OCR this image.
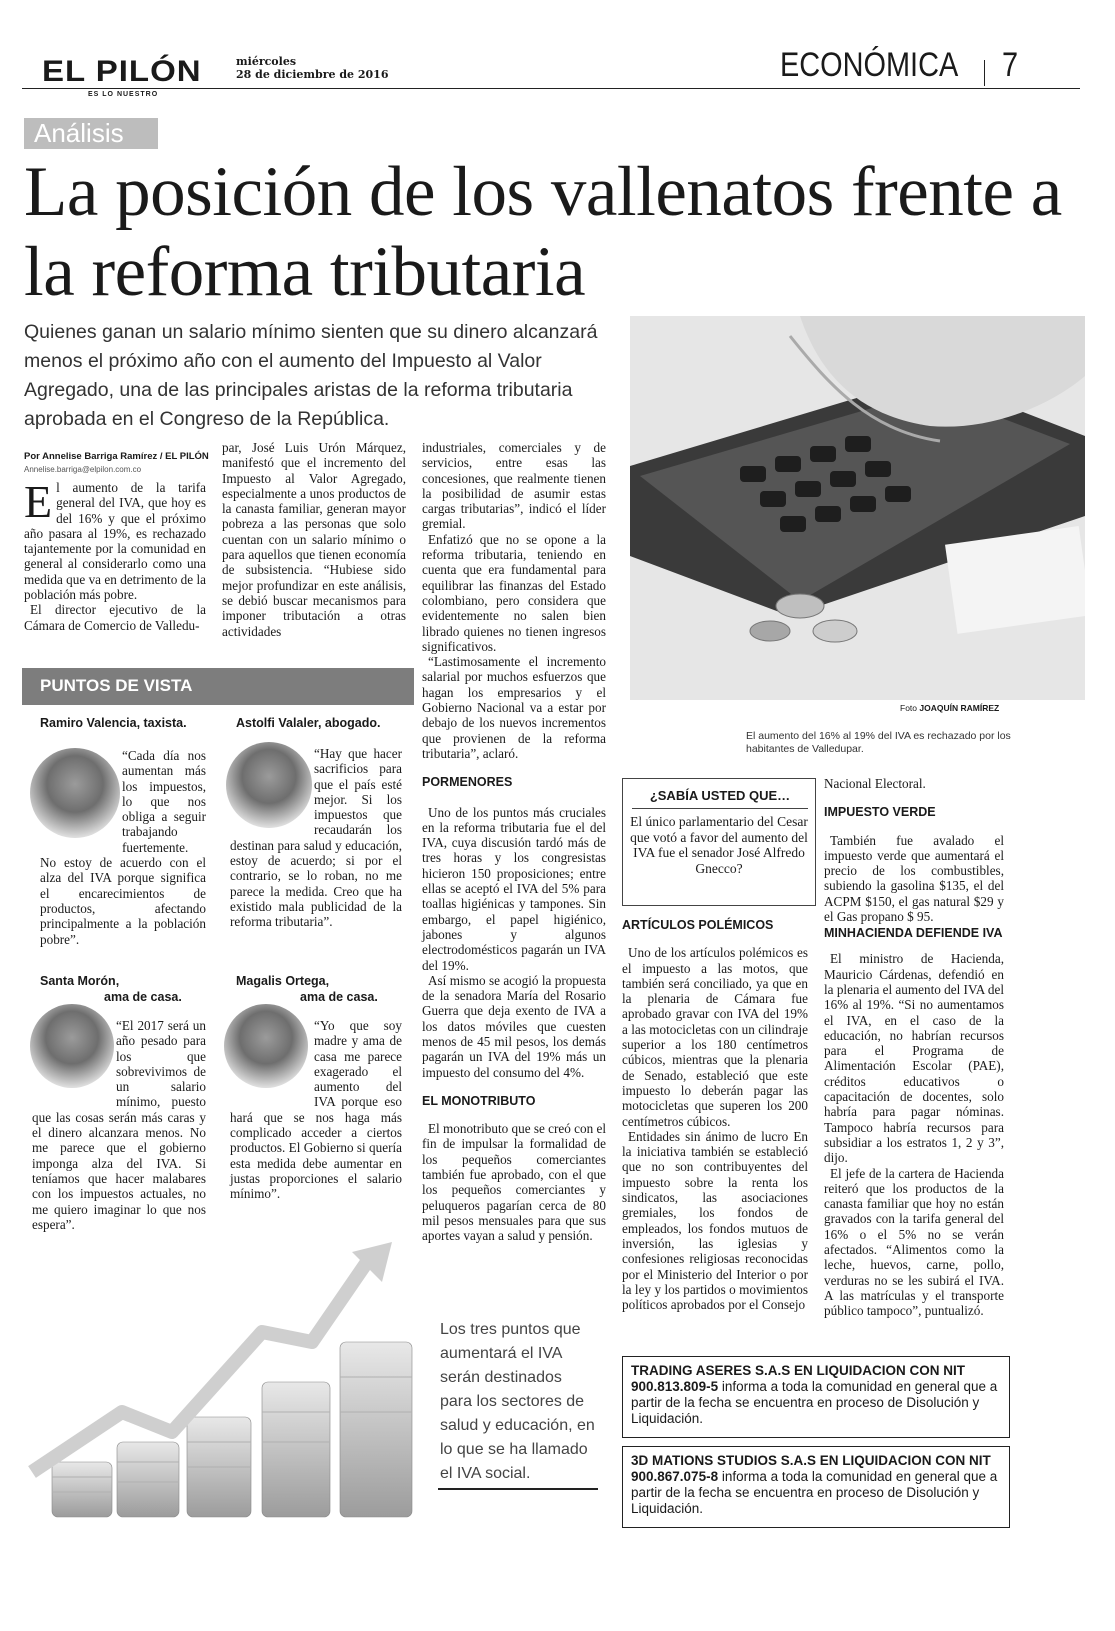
EL PILÓN
ES LO NUESTRO
miércoles
28 de diciembre de 2016	ECONÓMICA 7
Análisis
La posición de los vallenatos frente a la reforma tributaria
Quienes ganan un salario mínimo sienten que su dinero alcanzará menos el próximo año con el aumento del Impuesto al Valor Agregado, una de las principales aristas de la reforma tributaria aprobada en el Congreso de la República.
Por Annelise Barriga Ramírez / EL PILÓN
Annelise.barriga@elpilon.com.co
Foto JOAQUÍN RAMÍREZ
El aumento del 16% al 19% del IVA es rechazado por los habitantes de Valledupar.

El aumento de la tarifa general del IVA, que hoy es del 16% y que el próximo año pasara al 19%, es rechazado tajantemente por la comunidad en general al considerarlo como una medida que va en detrimento de la población más pobre.

El director ejecutivo de la Cámara de Comercio de Valledu-

par, José Luis Urón Márquez, manifestó que el incremento del Impuesto al Valor Agregado, especialmente a unos productos de la canasta familiar, generan mayor pobreza a las personas que solo cuentan con un salario mínimo o para aquellos que tienen economía de subsistencia. “Hubiese sido mejor profundizar en este análisis, se debió buscar mecanismos para imponer tributación a otras actividades

industriales, comerciales y de servicios, entre esas las concesiones, que realmente tienen la posibilidad de asumir estas cargas tributarias”, indicó el líder gremial.

Enfatizó que no se opone a la reforma tributaria, teniendo en cuenta que era fundamental para equilibrar las finanzas del Estado colombiano, pero considera que evidentemente no salen bien librado quienes no tienen ingresos significativos.

“Lastimosamente el incremento salarial por muchos esfuerzos que hagan los empresarios y el Gobierno Nacional va a estar por debajo de los nuevos incrementos que provienen de la reforma tributaria”, aclaró.

PORMENORES

Uno de los puntos más cruciales en la reforma tributaria fue el del IVA, cuya discusión tardó más de tres horas y los congresistas hicieron 150 proposiciones; entre ellas se aceptó el IVA del 5% para toallas higiénicas y tampones. Sin embargo, el papel higiénico, jabones y algunos electrodomésticos pagarán un IVA del 19%.

Así mismo se acogió la propuesta de la senadora María del Rosario Guerra que deja exento de IVA a los datos móviles que cuesten menos de 45 mil pesos, los demás pagarán un IVA del 19% más un impuesto del consumo del 4%.

EL MONOTRIBUTO

El monotributo que se creó con el fin de impulsar la formalidad de los pequeños comerciantes también fue aprobado, con el que los pequeños comerciantes y peluqueros pagarían cerca de 80 mil pesos mensuales para que sus aportes vayan a salud y pensión.

PUNTOS DE VISTA
Ramiro Valencia, taxista.
“Cada día nos aumentan más los impuestos, lo que nos obliga a seguir trabajando fuertemente. No estoy de acuerdo con el alza del IVA porque significa el encarecimientos de productos, afectando principalmente a la población pobre”.
Astolfi Valaler, abogado.
“Hay que hacer sacrificios para que el país esté mejor. Si los impuestos que recaudarán los destinan para salud y educación, estoy de acuerdo; si por el contrario, se lo roban, no me parece la medida. Creo que ha existido mala publicidad de la reforma tributaria”.
Santa Morón,
ama de casa.
“El 2017 será un año pesado para los que sobrevivimos de un salario mínimo, puesto que las cosas serán más caras y el dinero alcanzara menos. No me parece que el gobierno imponga alza del IVA. Si teníamos que hacer malabares con los impuestos actuales, no me quiero imaginar lo que nos espera”.
Magalis Ortega,
ama de casa.
“Yo que soy madre y ama de casa me parece exagerado el aumento del IVA porque eso hará que se nos haga más complicado acceder a ciertos productos. El Gobierno si quería esta medida debe aumentar en justas proporciones el salario mínimo”.
¿SABÍA USTED QUE…
El único parlamentario del Cesar que votó a favor del aumento del IVA fue el senador José Alfredo Gnecco?
ARTÍCULOS POLÉMICOS

Uno de los artículos polémicos es el impuesto a las motos, que también será conciliado, ya que en la plenaria de Cámara fue aprobado gravar con IVA del 19% a las motocicletas con un cilindraje superior a los 180 centímetros cúbicos, mientras que la plenaria de Senado, estableció que este impuesto lo deberán pagar las motocicletas que superen los 200 centímetros cúbicos.

Entidades sin ánimo de lucro En la iniciativa también se estableció que no son contribuyentes del impuesto sobre la renta los sindicatos, las asociaciones gremiales, los fondos de empleados, los fondos mutuos de inversión, las iglesias y confesiones religiosas reconocidas por el Ministerio del Interior o por la ley y los partidos o movimientos políticos aprobados por el Consejo

Nacional Electoral.

IMPUESTO VERDE

También fue avalado el impuesto verde que aumentará el precio de los combustibles, subiendo la gasolina $135, el del ACPM $150, el gas natural $29 y el Gas propano $ 95.

MINHACIENDA DEFIENDE IVA

El ministro de Hacienda, Mauricio Cárdenas, defendió en la plenaria el aumento del IVA del 16% al 19%. “Si no aumentamos el IVA, en el caso de la educación, no habrían recursos para el Programa de Alimentación Escolar (PAE), créditos educativos o capacitación de docentes, solo habría para pagar nóminas. Tampoco habría recursos para subsidiar a los estratos 1, 2 y 3”, dijo.

El jefe de la cartera de Hacienda reiteró que los productos de la canasta familiar que hoy no están gravados con la tarifa general del 16% o el 5% no se verán afectados. “Alimentos como la leche, huevos, carne, pollo, verduras no se les subirá el IVA. A las matrículas y el transporte público tampoco”, puntualizó.

Los tres puntos que aumentará el IVA serán destinados para los sectores de salud y educación, en lo que se ha llamado el IVA social.
TRADING ASERES S.A.S EN LIQUIDACION CON NIT 900.813.809-5 informa a toda la comunidad en general que a partir de la fecha se encuentra en proceso de Disolución y Liquidación.
3D MATIONS STUDIOS S.A.S EN LIQUIDACION CON NIT 900.867.075-8 informa a toda la comunidad en general que a partir de la fecha se encuentra en proceso de Disolución y Liquidación.
